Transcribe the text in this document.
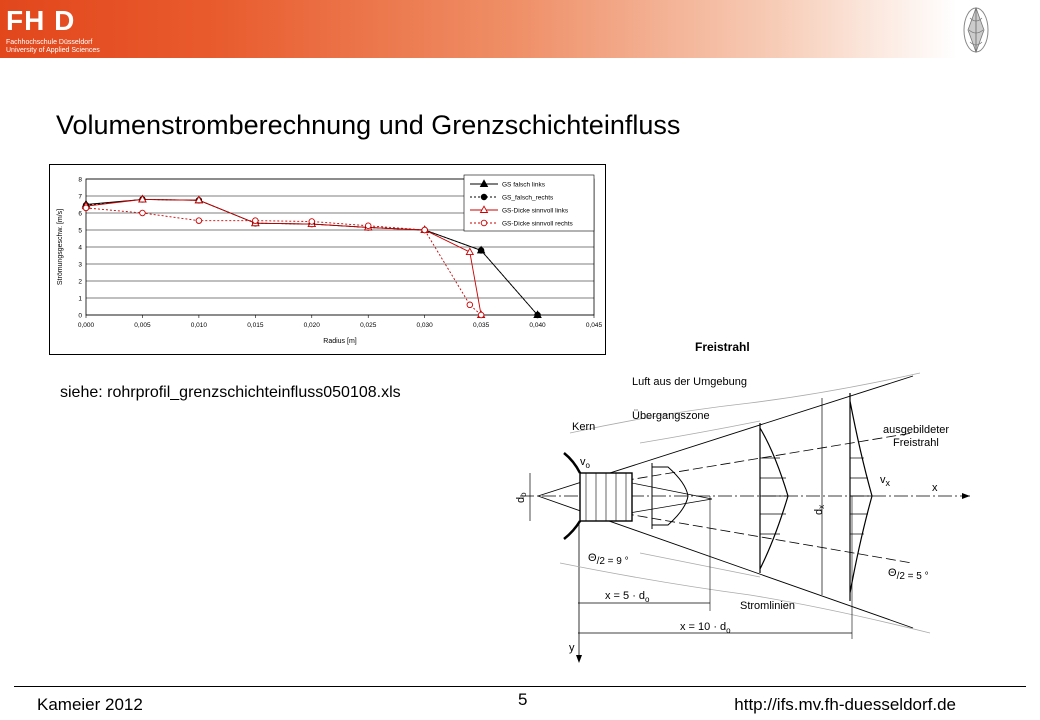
FH D
Fachhochschule Düsseldorf
University of Applied Sciences
Volumenstromberechnung und Grenzschichteinfluss
0
1
2
3
4
5
6
7
8
0,000	0,005	0,010	0,015	0,020	0,025	0,030	0,035	0,040	0,045
Radius [m]
Strömungsgeschw. [m/s]
GS falsch links
GS_falsch_rechts
GS-Dicke sinnvoll links
GS-Dicke sinnvoll rechts
siehe: rohrprofil_grenzschichteinfluss050108.xls
Freistrahl
Luft aus der Umgebung
Übergangszone
Kern	ausgebildeter
Freistrahl
$v_o$
$v_x$	x
y
do
dx
Θ/2 = 9 °
Θ/2 = 5 °
$x = 5 \cdot d_o$
$x = 10 \cdot d_o$
Stromlinien
Kameier 2012	5	http://ifs.mv.fh-duesseldorf.de
